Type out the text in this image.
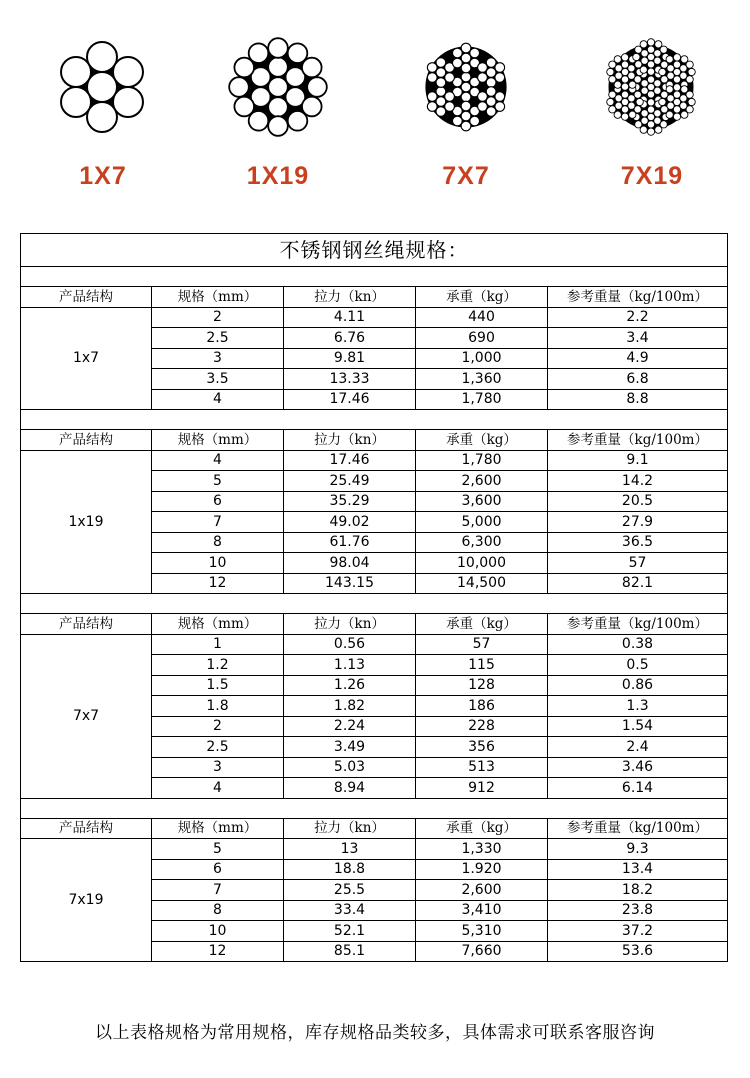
1X7	1X19	7X7	7X19
不锈钢钢丝绳规格：				

产品结构	规格（mm）	拉力（kn）	承重（kg）	参考重量（kg/100m）
1x7	2	4.11	440	2.2
	2.5	6.76	690	3.4
	3	9.81	1,000	4.9
	3.5	13.33	1,360	6.8
	4	17.46	1,780	8.8

产品结构	规格（mm）	拉力（kn）	承重（kg）	参考重量（kg/100m）
1x19	4	17.46	1,780	9.1
	5	25.49	2,600	14.2
	6	35.29	3,600	20.5
	7	49.02	5,000	27.9
	8	61.76	6,300	36.5
	10	98.04	10,000	57
	12	143.15	14,500	82.1

产品结构	规格（mm）	拉力（kn）	承重（kg）	参考重量（kg/100m）
7x7	1	0.56	57	0.38
	1.2	1.13	115	0.5
	1.5	1.26	128	0.86
	1.8	1.82	186	1.3
	2	2.24	228	1.54
	2.5	3.49	356	2.4
	3	5.03	513	3.46
	4	8.94	912	6.14

产品结构	规格（mm）	拉力（kn）	承重（kg）	参考重量（kg/100m）
7x19	5	13	1,330	9.3
	6	18.8	1.920	13.4
	7	25.5	2,600	18.2
	8	33.4	3,410	23.8
	10	52.1	5,310	37.2
	12	85.1	7,660	53.6
以上表格规格为常用规格，库存规格品类较多，具体需求可联系客服咨询
